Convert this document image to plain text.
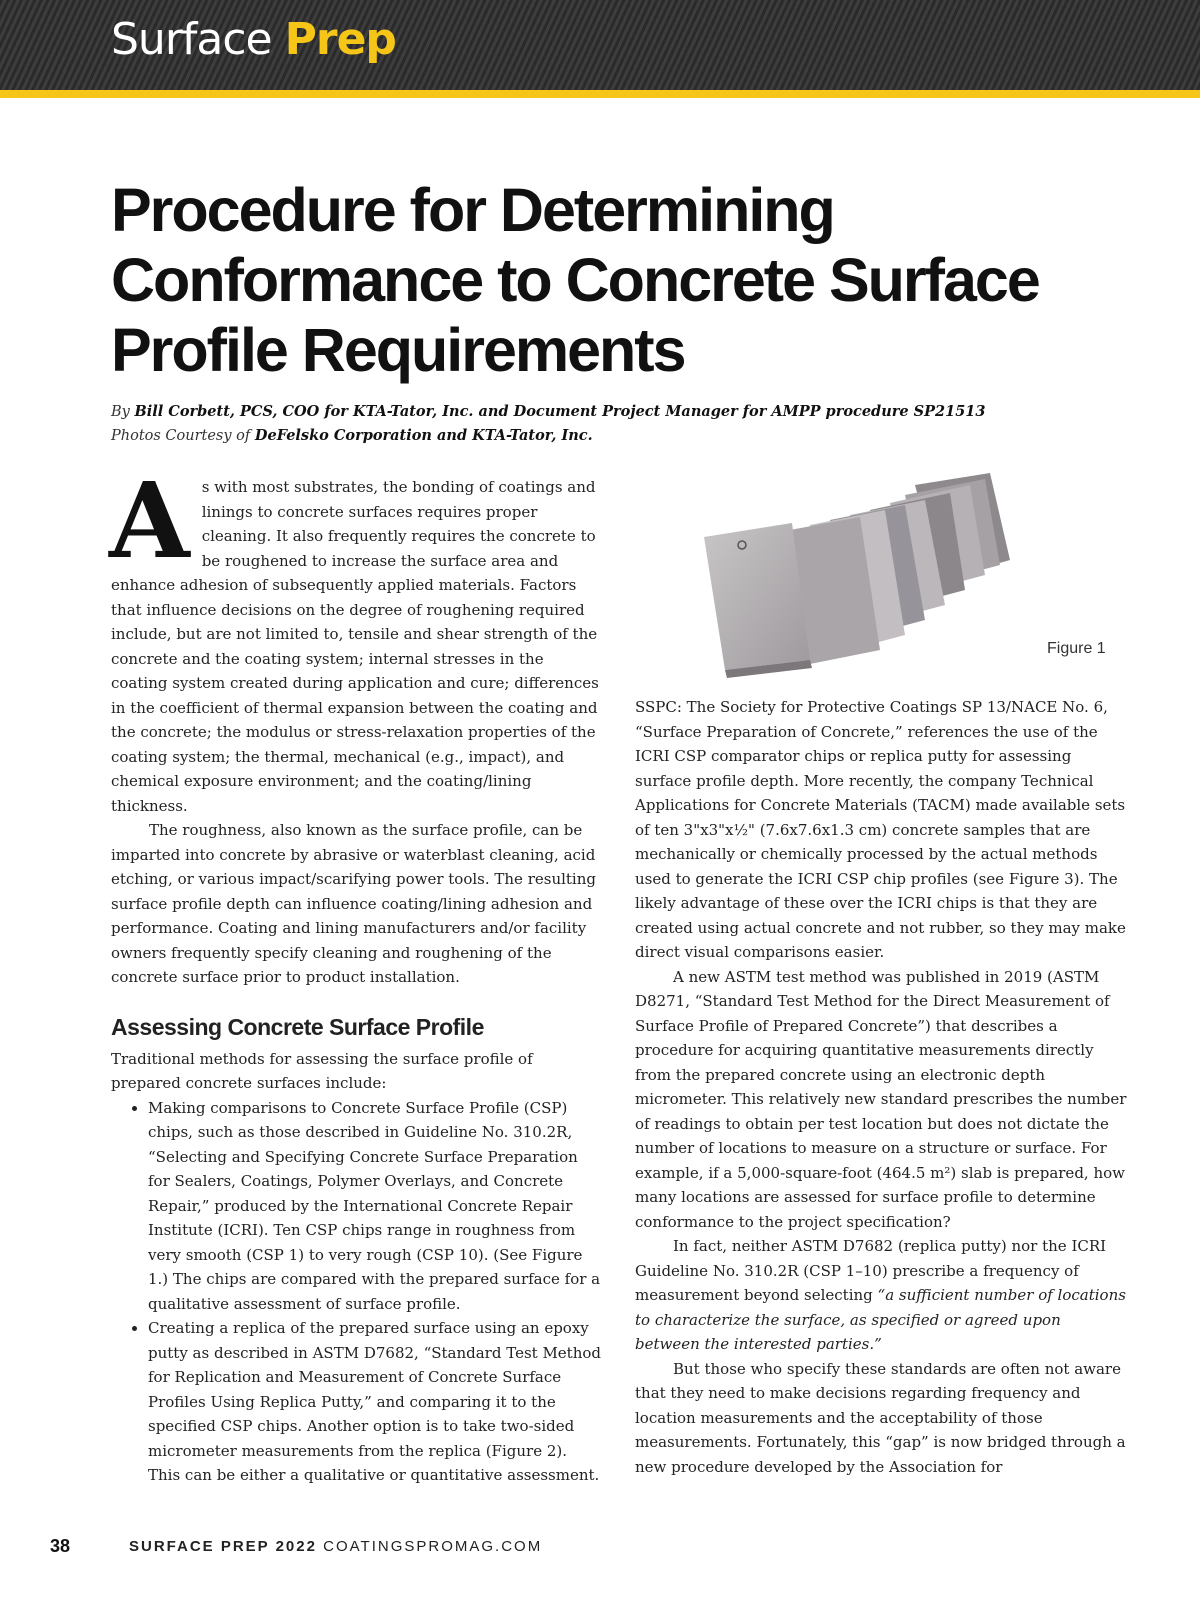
Surface Prep
Procedure for Determining Conformance to Concrete Surface Profile Requirements
By Bill Corbett, PCS, COO for KTA-Tator, Inc. and Document Project Manager for AMPP procedure SP21513
Photos Courtesy of DeFelsko Corporation and KTA-Tator, Inc.

As with most substrates, the bonding of coatings and linings to concrete surfaces requires proper cleaning. It also frequently requires the concrete to be roughened to increase the surface area and enhance adhesion of subsequently applied materials. Factors that influence decisions on the degree of roughening required include, but are not limited to, tensile and shear strength of the concrete and the coating system; internal stresses in the coating system created during application and cure; differences in the coefficient of thermal expansion between the coating and the concrete; the modulus or stress-relaxation properties of the coating system; the thermal, mechanical (e.g., impact), and chemical exposure environment; and the coating/lining thickness.

The roughness, also known as the surface profile, can be imparted into concrete by abrasive or waterblast cleaning, acid etching, or various impact/scarifying power tools. The resulting surface profile depth can influence coating/lining adhesion and performance. Coating and lining manufacturers and/or facility owners frequently specify cleaning and roughening of the concrete surface prior to product installation.

Assessing Concrete Surface Profile

Traditional methods for assessing the surface profile of prepared concrete surfaces include:

• Making comparisons to Concrete Surface Profile (CSP) chips, such as those described in Guideline No. 310.2R, “Selecting and Specifying Concrete Surface Preparation for Sealers, Coatings, Polymer Overlays, and Concrete Repair,” produced by the International Concrete Repair Institute (ICRI). Ten CSP chips range in roughness from very smooth (CSP 1) to very rough (CSP 10). (See Figure 1.) The chips are compared with the prepared surface for a qualitative assessment of surface profile.
• Creating a replica of the prepared surface using an epoxy putty as described in ASTM D7682, “Standard Test Method for Replication and Measurement of Concrete Surface Profiles Using Replica Putty,” and comparing it to the specified CSP chips. Another option is to take two-sided micrometer measurements from the replica (Figure 2). This can be either a qualitative or quantitative assessment.
Figure 1

SSPC: The Society for Protective Coatings SP 13/NACE No. 6, “Surface Preparation of Concrete,” references the use of the ICRI CSP comparator chips or replica putty for assessing surface profile depth. More recently, the company Technical Applications for Concrete Materials (TACM) made available sets of ten 3"x3"x½" (7.6x7.6x1.3 cm) concrete samples that are mechanically or chemically processed by the actual methods used to generate the ICRI CSP chip profiles (see Figure 3). The likely advantage of these over the ICRI chips is that they are created using actual concrete and not rubber, so they may make direct visual comparisons easier.

A new ASTM test method was published in 2019 (ASTM D8271, “Standard Test Method for the Direct Measurement of Surface Profile of Prepared Concrete”) that describes a procedure for acquiring quantitative measurements directly from the prepared concrete using an electronic depth micrometer. This relatively new standard prescribes the number of readings to obtain per test location but does not dictate the number of locations to measure on a structure or surface. For example, if a 5,000-square-foot (464.5 m²) slab is prepared, how many locations are assessed for surface profile to determine conformance to the project specification?

In fact, neither ASTM D7682 (replica putty) nor the ICRI Guideline No. 310.2R (CSP 1–10) prescribe a frequency of measurement beyond selecting “a sufficient number of locations to characterize the surface, as specified or agreed upon between the interested parties.”

But those who specify these standards are often not aware that they need to make decisions regarding frequency and location measurements and the acceptability of those measurements. Fortunately, this “gap” is now bridged through a new procedure developed by the Association for

38	SURFACE PREP 2022 COATINGSPROMAG.COM
